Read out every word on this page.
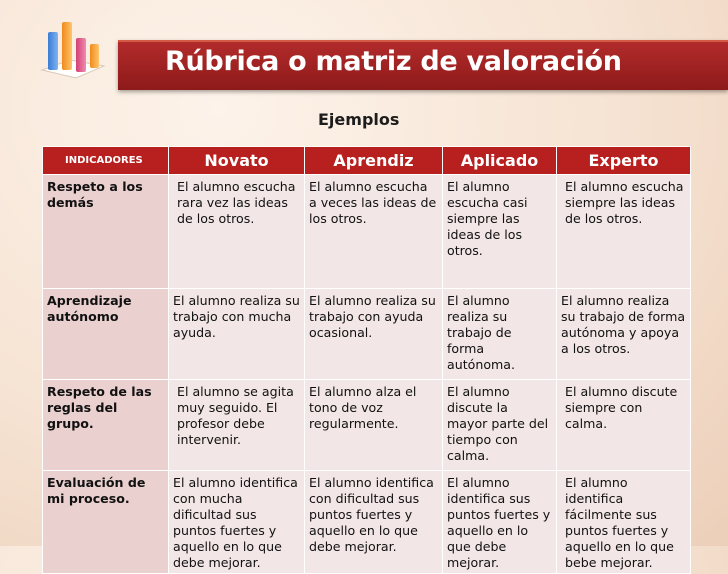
Rúbrica o matriz de valoración
Ejemplos
INDICADORES	Novato	Aprendiz	Aplicado	Experto
Respeto a los demás	El alumno escucha rara vez las ideas de los otros.	El alumno escucha a veces las ideas de los otros.	El alumno escucha casi siempre las ideas de los otros.	El alumno escucha siempre las ideas de los otros.
Aprendizaje autónomo	El alumno realiza su trabajo con mucha ayuda.	El alumno realiza su trabajo con ayuda ocasional.	El alumno realiza su trabajo de forma autónoma.	El alumno realiza su trabajo de forma autónoma y apoya a los otros.
Respeto de las reglas del grupo.	El alumno se agita muy seguido. El profesor debe intervenir.	El alumno alza el tono de voz regularmente.	El alumno discute la mayor parte del tiempo con calma.	El alumno discute siempre con calma.
Evaluación de mi proceso.	El alumno identifica con mucha dificultad sus puntos fuertes y aquello en lo que debe mejorar.	El alumno identifica con dificultad sus puntos fuertes y aquello en lo que debe mejorar.	El alumno identifica sus puntos fuertes y aquello en lo que debe mejorar.	El alumno identifica fácilmente sus puntos fuertes y aquello en lo que bebe mejorar.
